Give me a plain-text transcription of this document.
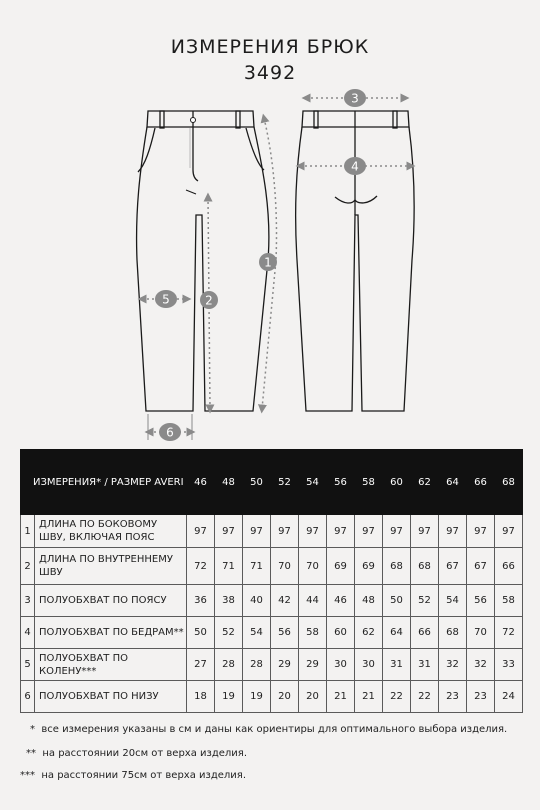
ИЗМЕРЕНИЯ БРЮК
3492
1
2
3
4
5
6
ИЗМЕРЕНИЯ* / РАЗМЕР AVERI		46	48	50	52	54	56	58	60	62	64	66	68
1	ДЛИНА ПО БОКОВОМУ ШВУ, ВКЛЮЧАЯ ПОЯС	97	97	97	97	97	97	97	97	97	97	97	97
2	ДЛИНА ПО ВНУТРЕННЕМУ ШВУ	72	71	71	70	70	69	69	68	68	67	67	66
3	ПОЛУОБХВАТ ПО ПОЯСУ	36	38	40	42	44	46	48	50	52	54	56	58
4	ПОЛУОБХВАТ ПО БЕДРАМ**	50	52	54	56	58	60	62	64	66	68	70	72
5	ПОЛУОБХВАТ ПО КОЛЕНУ***	27	28	28	29	29	30	30	31	31	32	32	33
6	ПОЛУОБХВАТ ПО НИЗУ	18	19	19	20	20	21	21	22	22	23	23	24
* все измерения указаны в см и даны как ориентиры для оптимального выбора изделия.
** на расстоянии 20см от верха изделия.
*** на расстоянии 75см от верха изделия.
